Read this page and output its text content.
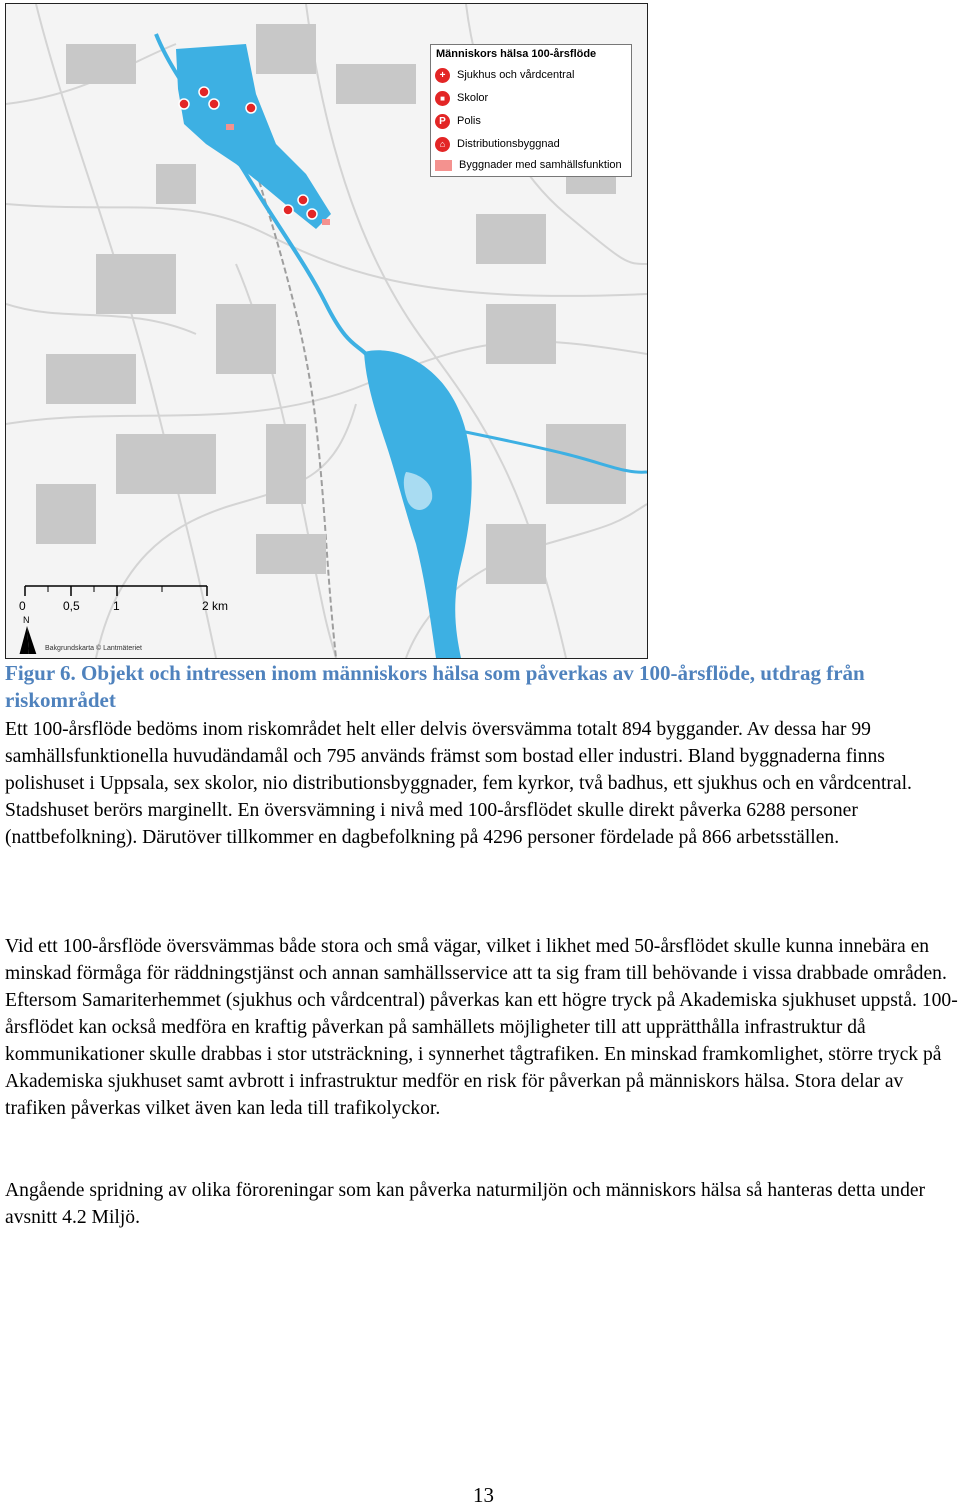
Människors hälsa 100-årsflöde
+	Sjukhus och vårdcentral
■	Skolor
P	Polis
⌂	Distributionsbyggnad
Byggnader med samhällsfunktion
0	0,5	1	2 km
N
Bakgrundskarta © Lantmäteriet

Figur 6. Objekt och intressen inom människors hälsa som påverkas av 100-årsflöde, utdrag från riskområdet

Ett 100-årsflöde bedöms inom riskområdet helt eller delvis översvämma totalt 894 byggander. Av dessa har 99 samhällsfunktionella huvudändamål och 795 används främst som bostad eller industri. Bland byggnaderna finns polishuset i Uppsala, sex skolor, nio distributionsbyggnader, fem kyrkor, två badhus, ett sjukhus och en vårdcentral. Stadshuset berörs marginellt. En översvämning i nivå med 100-årsflödet skulle direkt påverka 6288 personer (nattbefolkning). Därutöver tillkommer en dagbefolkning på 4296 personer fördelade på 866 arbetsställen.

Vid ett 100-årsflöde översvämmas både stora och små vägar, vilket i likhet med 50-årsflödet skulle kunna innebära en minskad förmåga för räddningstjänst och annan samhällsservice att ta sig fram till behövande i vissa drabbade områden. Eftersom Samariterhemmet (sjukhus och vårdcentral) påverkas kan ett högre tryck på Akademiska sjukhuset uppstå. 100-årsflödet kan också medföra en kraftig påverkan på samhällets möjligheter till att upprätthålla infrastruktur då kommunikationer skulle drabbas i stor utsträckning, i synnerhet tågtrafiken. En minskad framkomlighet, större tryck på Akademiska sjukhuset samt avbrott i infrastruktur medför en risk för påverkan på människors hälsa. Stora delar av trafiken påverkas vilket även kan leda till trafikolyckor.

Angående spridning av olika föroreningar som kan påverka naturmiljön och människors hälsa så hanteras detta under avsnitt 4.2 Miljö.

13
